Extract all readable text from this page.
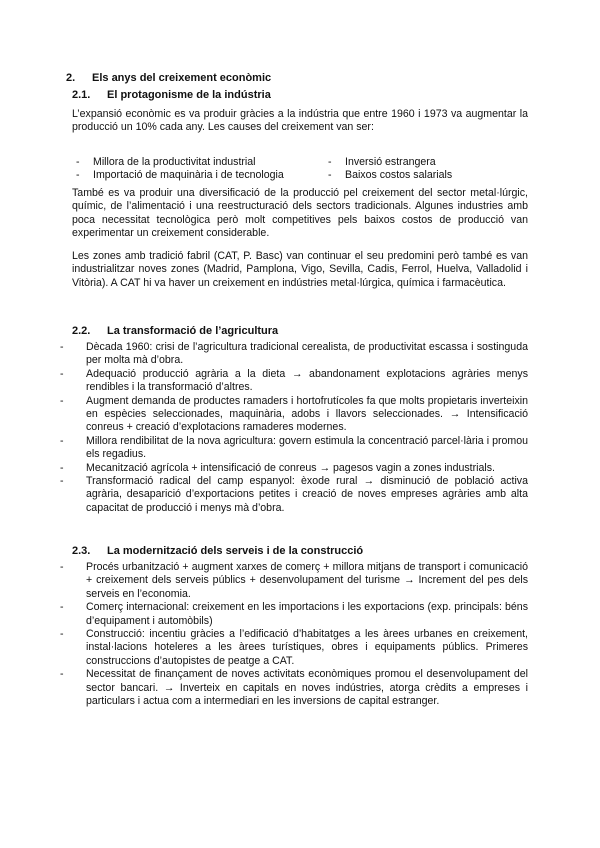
2. Els anys del creixement econòmic
2.1. El protagonisme de la indústria

L’expansió econòmic es va produir gràcies a la indústria que entre 1960 i 1973 va augmentar la producció un 10% cada any. Les causes del creixement van ser:

- Millora de la productivitat industrial	- Inversió estrangera
- Importació de maquinària i de tecnologia	- Baixos costos salarials

També es va produir una diversificació de la producció pel creixement del sector metal·lúrgic, químic, de l’alimentació i una reestructuració dels sectors tradicionals. Algunes industries amb poca necessitat tecnològica però molt competitives pels baixos costos de producció van experimentar un creixement considerable.

Les zones amb tradició fabril (CAT, P. Basc) van continuar el seu predomini però també es van industrialitzar noves zones (Madrid, Pamplona, Vigo, Sevilla, Cadis, Ferrol, Huelva, Valladolid i Vitòria). A CAT hi va haver un creixement en indústries metal·lúrgica, química i farmacèutica.

2.2. La transformació de l’agricultura
- Dècada 1960: crisi de l’agricultura tradicional cerealista, de productivitat escassa i sostinguda per molta mà d’obra.
- Adequació producció agrària a la dieta → abandonament explotacions agràries menys rendibles i la transformació d’altres.
- Augment demanda de productes ramaders i hortofrutícoles fa que molts propietaris inverteixin en espècies seleccionades, maquinària, adobs i llavors seleccionades. → Intensificació conreus + creació d’explotacions ramaderes modernes.
- Millora rendibilitat de la nova agricultura: govern estimula la concentració parcel·lària i promou els regadius.
- Mecanització agrícola + intensificació de conreus → pagesos vagin a zones industrials.
- Transformació radical del camp espanyol: èxode rural → disminució de població activa agrària, desaparició d’exportacions petites i creació de noves empreses agràries amb alta capacitat de producció i menys mà d’obra.
2.3. La modernització dels serveis i de la construcció
- Procés urbanització + augment xarxes de comerç + millora mitjans de transport i comunicació + creixement dels serveis públics + desenvolupament del turisme → Increment del pes dels serveis en l’economia.
- Comerç internacional: creixement en les importacions i les exportacions (exp. principals: béns d’equipament i automòbils)
- Construcció: incentiu gràcies a l’edificació d’habitatges a les àrees urbanes en creixement, instal·lacions hoteleres a les àrees turístiques, obres i equipaments públics. Primeres construccions d’autopistes de peatge a CAT.
- Necessitat de finançament de noves activitats econòmiques promou el desenvolupament del sector bancari. → Inverteix en capitals en noves indústries, atorga crèdits a empreses i particulars i actua com a intermediari en les inversions de capital estranger.
